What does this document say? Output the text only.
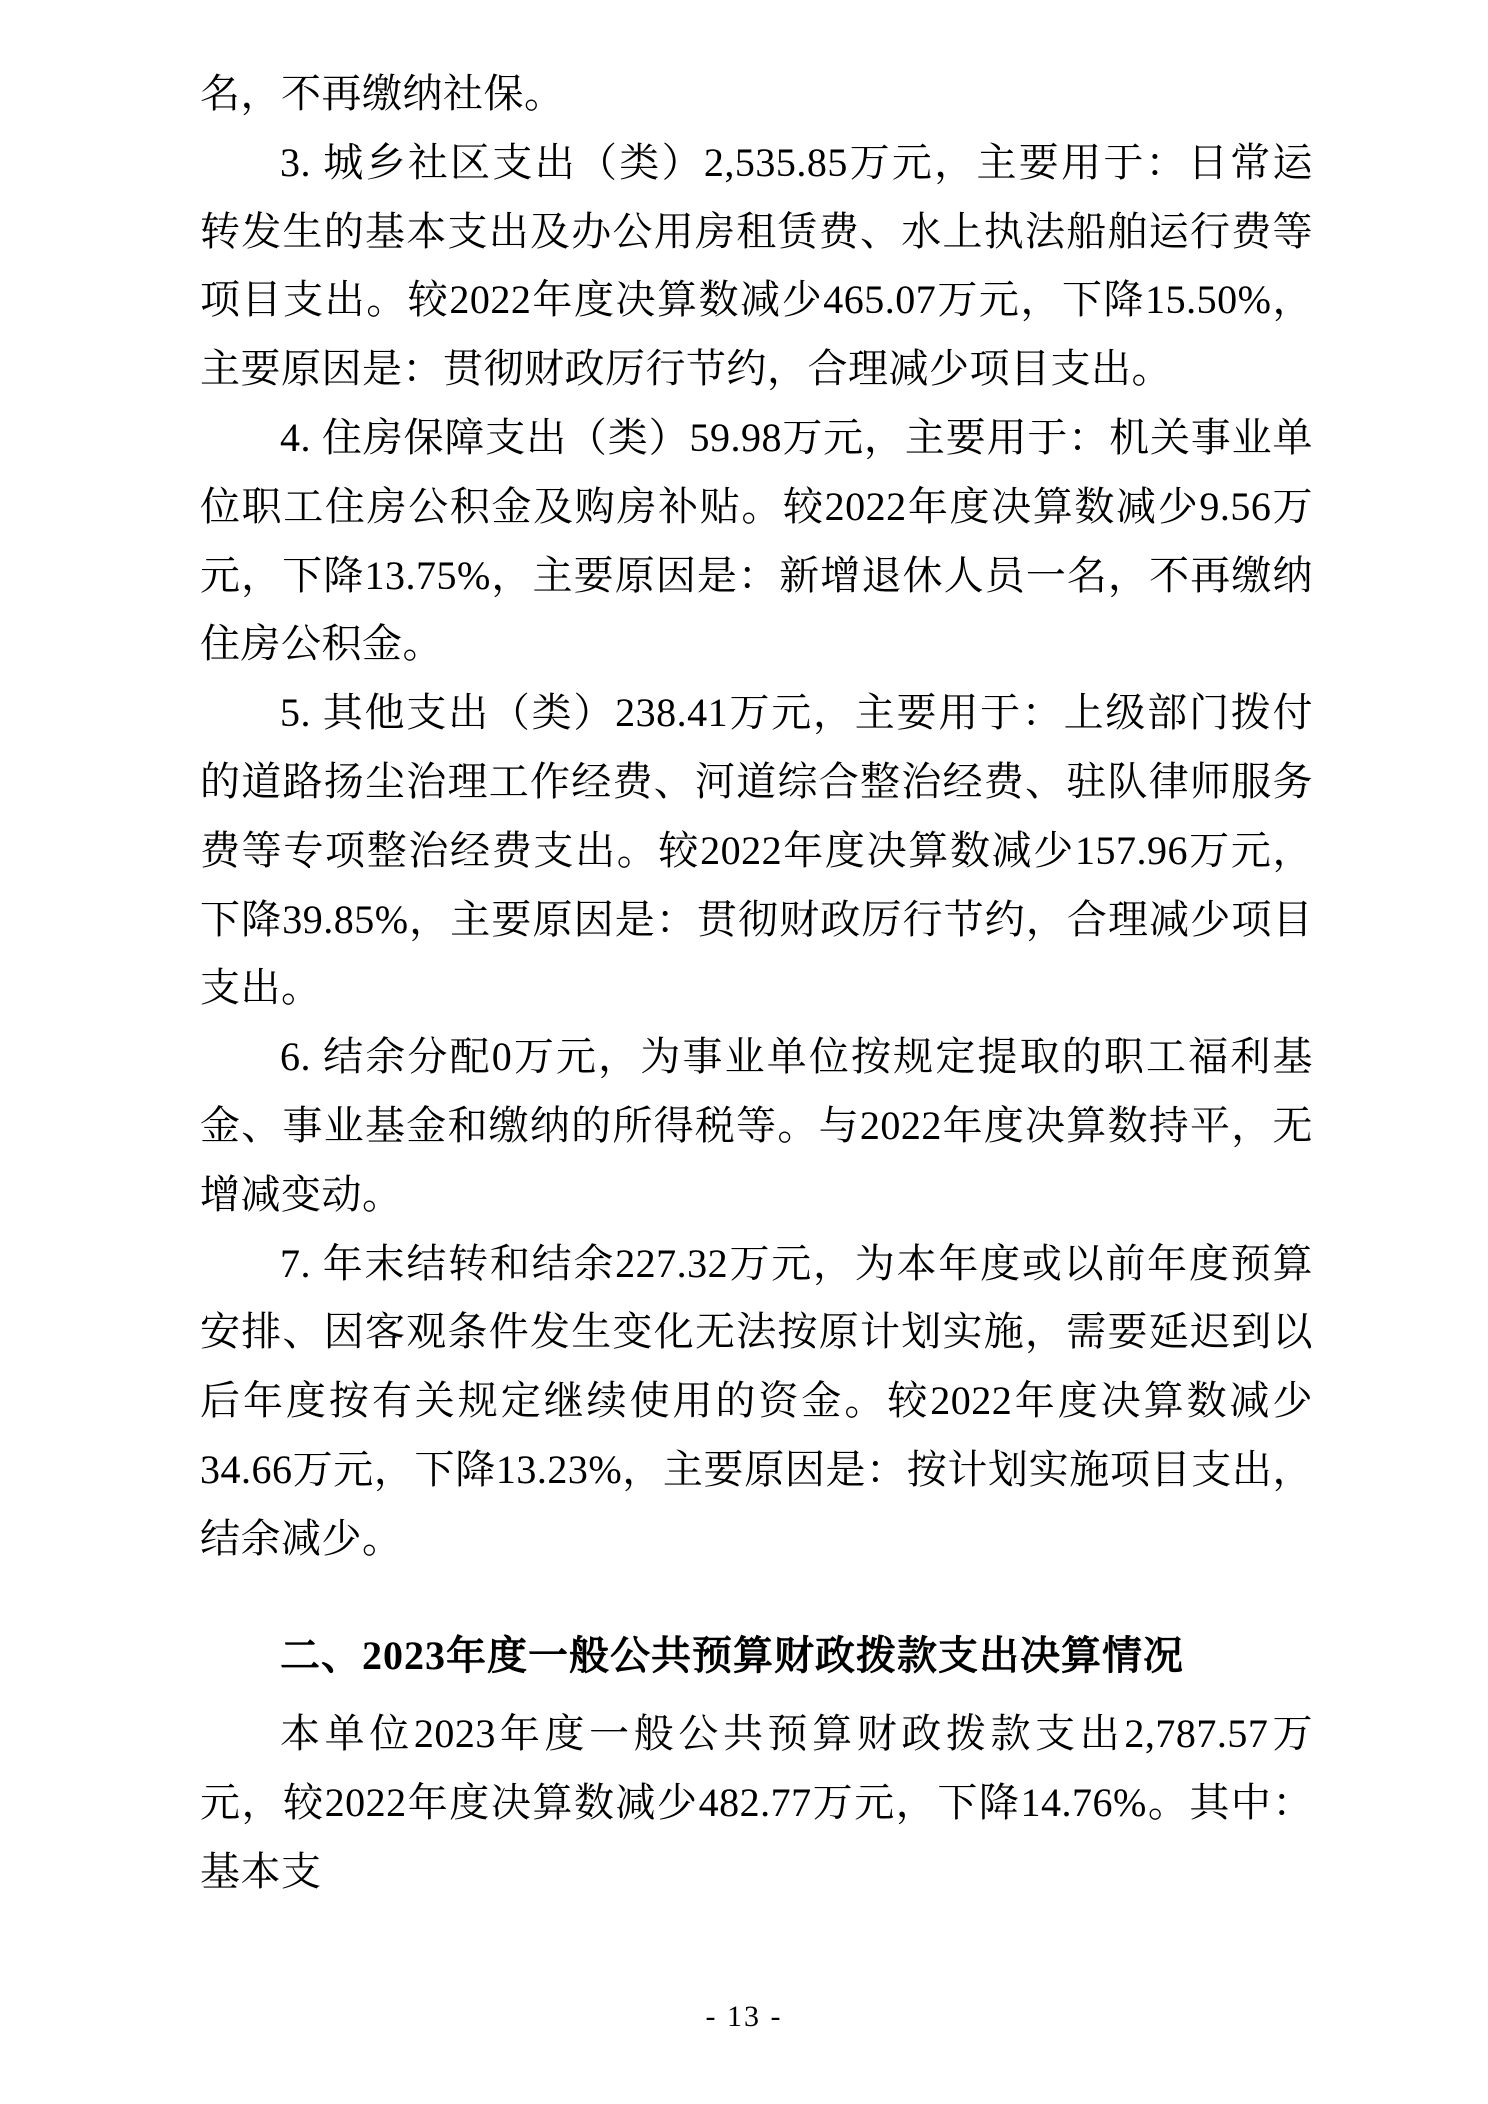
名，不再缴纳社保。

3. 城乡社区支出（类）2,535.85万元，主要用于：日常运转发生的基本支出及办公用房租赁费、水上执法船舶运行费等项目支出。较2022年度决算数减少465.07万元，下降15.50%，主要原因是：贯彻财政厉行节约，合理减少项目支出。

4. 住房保障支出（类）59.98万元，主要用于：机关事业单位职工住房公积金及购房补贴。较2022年度决算数减少9.56万元，下降13.75%，主要原因是：新增退休人员一名，不再缴纳住房公积金。

5. 其他支出（类）238.41万元，主要用于：上级部门拨付的道路扬尘治理工作经费、河道综合整治经费、驻队律师服务费等专项整治经费支出。较2022年度决算数减少157.96万元，下降39.85%，主要原因是：贯彻财政厉行节约，合理减少项目支出。

6. 结余分配0万元，为事业单位按规定提取的职工福利基金、事业基金和缴纳的所得税等。与2022年度决算数持平，无增减变动。

7. 年末结转和结余227.32万元，为本年度或以前年度预算安排、因客观条件发生变化无法按原计划实施，需要延迟到以后年度按有关规定继续使用的资金。较2022年度决算数减少34.66万元，下降13.23%，主要原因是：按计划实施项目支出，结余减少。

二、2023年度一般公共预算财政拨款支出决算情况

本单位2023年度一般公共预算财政拨款支出2,787.57万元，较2022年度决算数减少482.77万元，下降14.76%。其中：基本支

- 13 -
